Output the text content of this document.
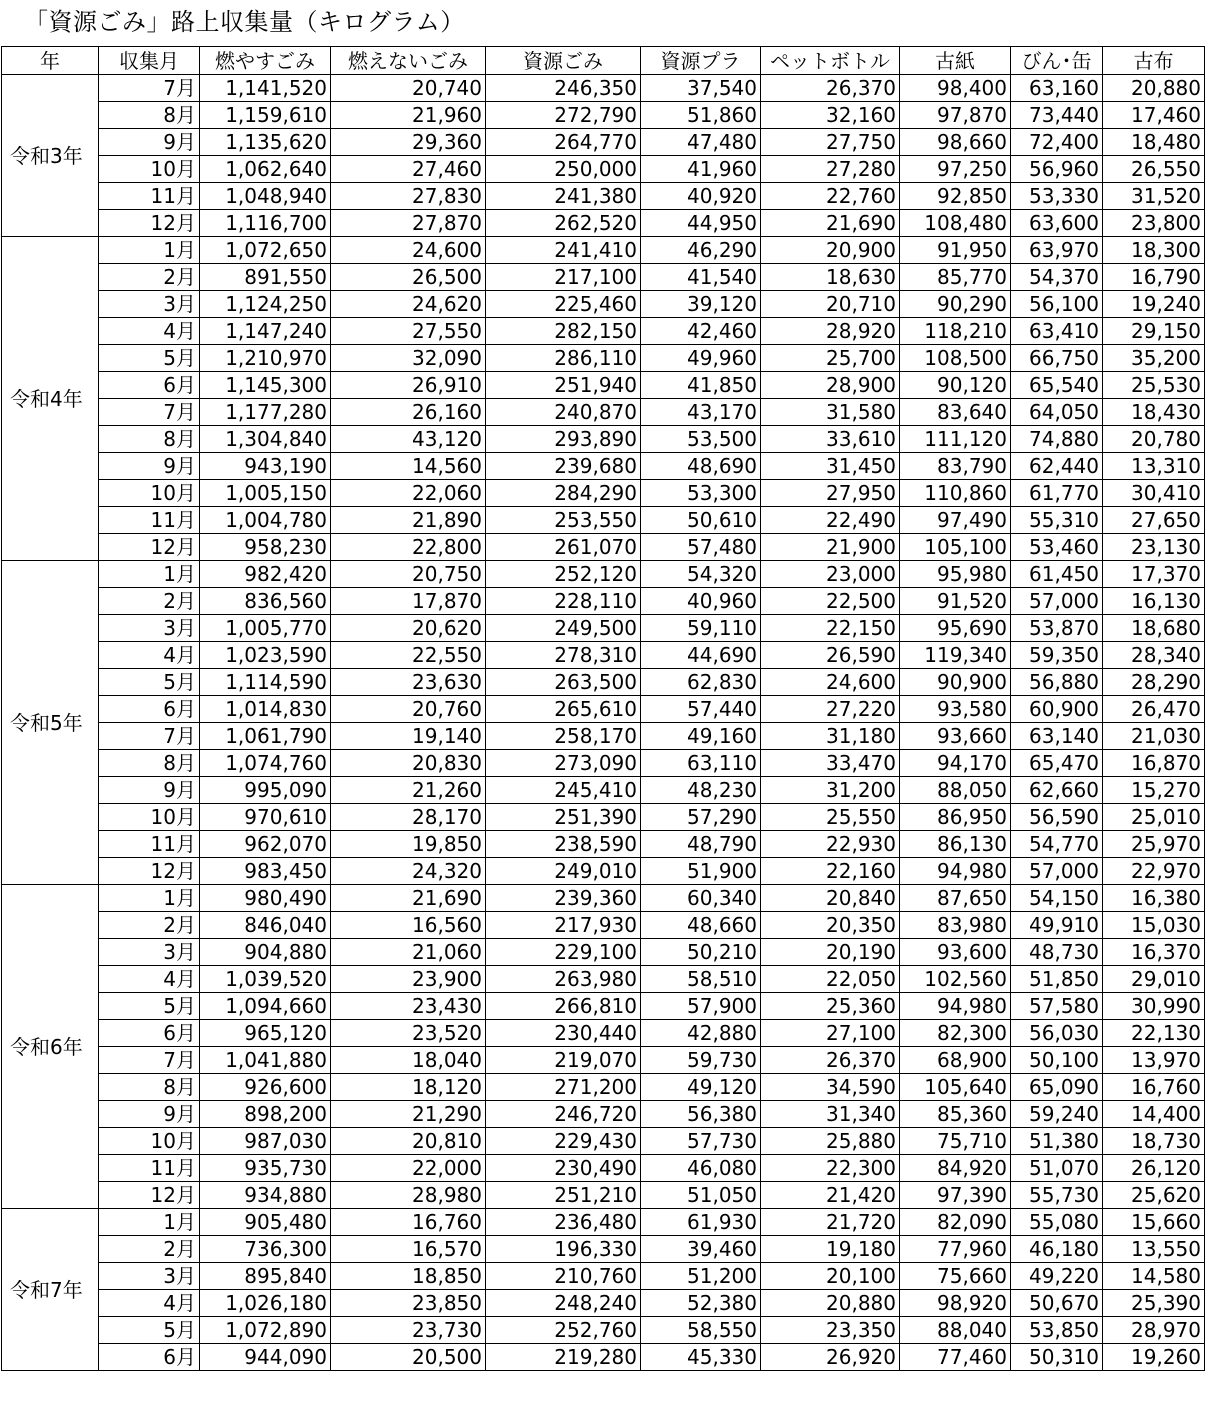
「資源ごみ」路上収集量（キログラム）
年	収集月	燃やすごみ	燃えないごみ	資源ごみ	資源プラ	ペットボトル	古紙	びん･缶	古布
令和3年	7月	1,141,520	20,740	246,350	37,540	26,370	98,400	63,160	20,880
	8月	1,159,610	21,960	272,790	51,860	32,160	97,870	73,440	17,460
	9月	1,135,620	29,360	264,770	47,480	27,750	98,660	72,400	18,480
	10月	1,062,640	27,460	250,000	41,960	27,280	97,250	56,960	26,550
	11月	1,048,940	27,830	241,380	40,920	22,760	92,850	53,330	31,520
	12月	1,116,700	27,870	262,520	44,950	21,690	108,480	63,600	23,800
令和4年	1月	1,072,650	24,600	241,410	46,290	20,900	91,950	63,970	18,300
	2月	891,550	26,500	217,100	41,540	18,630	85,770	54,370	16,790
	3月	1,124,250	24,620	225,460	39,120	20,710	90,290	56,100	19,240
	4月	1,147,240	27,550	282,150	42,460	28,920	118,210	63,410	29,150
	5月	1,210,970	32,090	286,110	49,960	25,700	108,500	66,750	35,200
	6月	1,145,300	26,910	251,940	41,850	28,900	90,120	65,540	25,530
	7月	1,177,280	26,160	240,870	43,170	31,580	83,640	64,050	18,430
	8月	1,304,840	43,120	293,890	53,500	33,610	111,120	74,880	20,780
	9月	943,190	14,560	239,680	48,690	31,450	83,790	62,440	13,310
	10月	1,005,150	22,060	284,290	53,300	27,950	110,860	61,770	30,410
	11月	1,004,780	21,890	253,550	50,610	22,490	97,490	55,310	27,650
	12月	958,230	22,800	261,070	57,480	21,900	105,100	53,460	23,130
令和5年	1月	982,420	20,750	252,120	54,320	23,000	95,980	61,450	17,370
	2月	836,560	17,870	228,110	40,960	22,500	91,520	57,000	16,130
	3月	1,005,770	20,620	249,500	59,110	22,150	95,690	53,870	18,680
	4月	1,023,590	22,550	278,310	44,690	26,590	119,340	59,350	28,340
	5月	1,114,590	23,630	263,500	62,830	24,600	90,900	56,880	28,290
	6月	1,014,830	20,760	265,610	57,440	27,220	93,580	60,900	26,470
	7月	1,061,790	19,140	258,170	49,160	31,180	93,660	63,140	21,030
	8月	1,074,760	20,830	273,090	63,110	33,470	94,170	65,470	16,870
	9月	995,090	21,260	245,410	48,230	31,200	88,050	62,660	15,270
	10月	970,610	28,170	251,390	57,290	25,550	86,950	56,590	25,010
	11月	962,070	19,850	238,590	48,790	22,930	86,130	54,770	25,970
	12月	983,450	24,320	249,010	51,900	22,160	94,980	57,000	22,970
令和6年	1月	980,490	21,690	239,360	60,340	20,840	87,650	54,150	16,380
	2月	846,040	16,560	217,930	48,660	20,350	83,980	49,910	15,030
	3月	904,880	21,060	229,100	50,210	20,190	93,600	48,730	16,370
	4月	1,039,520	23,900	263,980	58,510	22,050	102,560	51,850	29,010
	5月	1,094,660	23,430	266,810	57,900	25,360	94,980	57,580	30,990
	6月	965,120	23,520	230,440	42,880	27,100	82,300	56,030	22,130
	7月	1,041,880	18,040	219,070	59,730	26,370	68,900	50,100	13,970
	8月	926,600	18,120	271,200	49,120	34,590	105,640	65,090	16,760
	9月	898,200	21,290	246,720	56,380	31,340	85,360	59,240	14,400
	10月	987,030	20,810	229,430	57,730	25,880	75,710	51,380	18,730
	11月	935,730	22,000	230,490	46,080	22,300	84,920	51,070	26,120
	12月	934,880	28,980	251,210	51,050	21,420	97,390	55,730	25,620
令和7年	1月	905,480	16,760	236,480	61,930	21,720	82,090	55,080	15,660
	2月	736,300	16,570	196,330	39,460	19,180	77,960	46,180	13,550
	3月	895,840	18,850	210,760	51,200	20,100	75,660	49,220	14,580
	4月	1,026,180	23,850	248,240	52,380	20,880	98,920	50,670	25,390
	5月	1,072,890	23,730	252,760	58,550	23,350	88,040	53,850	28,970
	6月	944,090	20,500	219,280	45,330	26,920	77,460	50,310	19,260
